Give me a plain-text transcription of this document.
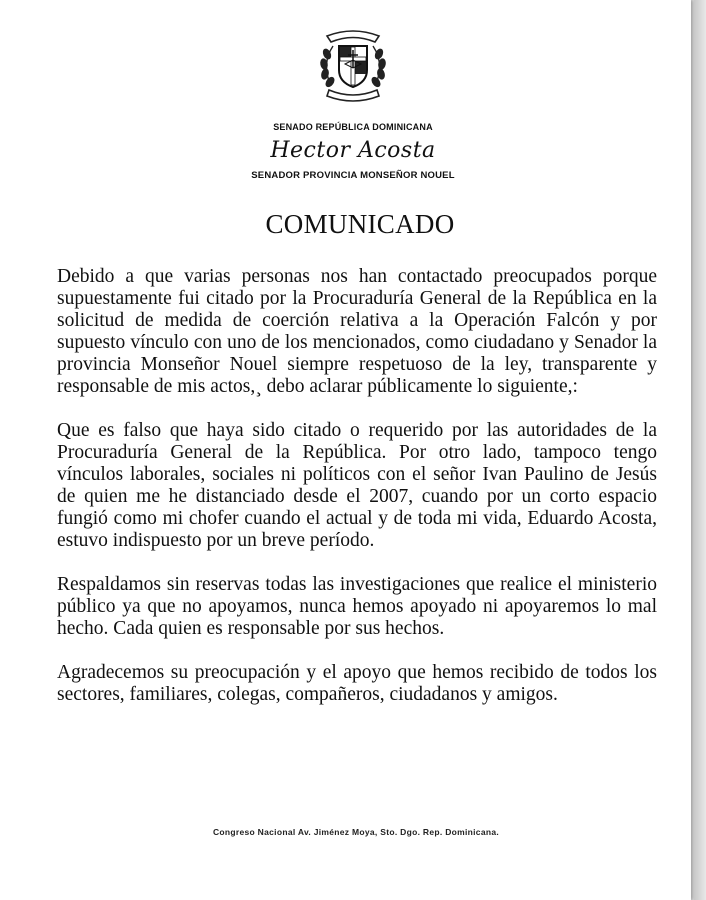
SENADO REPÚBLICA DOMINICANA
Hector Acosta
SENADOR PROVINCIA MONSEÑOR NOUEL
COMUNICADO

Debido a que varias personas nos han contactado preocupados porque supuestamente fui citado por la Procuraduría General de la República en la solicitud de medida de coerción relativa a la Operación Falcón y por supuesto vínculo con uno de los mencionados, como ciudadano y Senador la provincia Monseñor Nouel siempre respetuoso de la ley, transparente y responsable de mis actos,¸ debo aclarar públicamente lo siguiente,:

Que es falso que haya sido citado o requerido por las autoridades de la Procuraduría General de la República. Por otro lado, tampoco tengo vínculos laborales, sociales ni políticos con el señor Ivan Paulino de Jesús de quien me he distanciado desde el 2007, cuando por un corto espacio fungió como mi chofer cuando el actual y de toda mi vida, Eduardo Acosta, estuvo indispuesto por un breve período.

Respaldamos sin reservas todas las investigaciones que realice el ministerio público ya que no apoyamos, nunca hemos apoyado ni apoyaremos lo mal hecho. Cada quien es responsable por sus hechos.

Agradecemos su preocupación y el apoyo que hemos recibido de todos los sectores, familiares, colegas, compañeros, ciudadanos y amigos.

Congreso Nacional Av. Jiménez Moya, Sto. Dgo. Rep. Dominicana.
